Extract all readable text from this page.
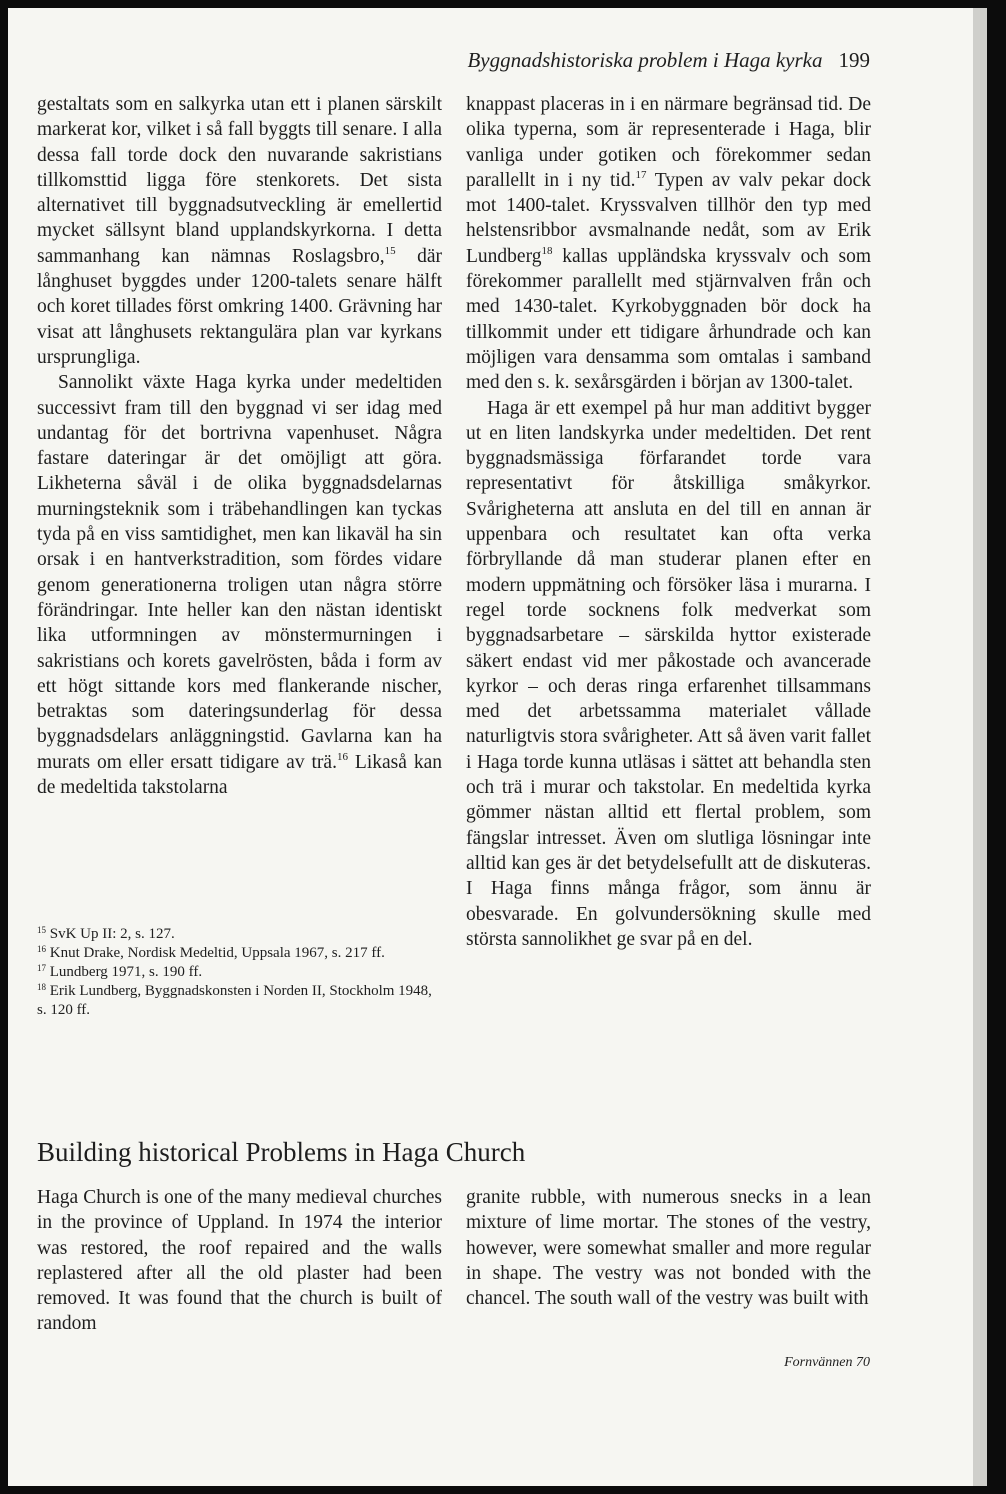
Byggnadshistoriska problem i Haga kyrka 199

gestaltats som en salkyrka utan ett i planen särskilt markerat kor, vilket i så fall byggts till senare. I alla dessa fall torde dock den nuvarande sakristians tillkomsttid ligga före stenkorets. Det sista alternativet till byggnadsutveckling är emellertid mycket sällsynt bland upplandskyrkorna. I detta sammanhang kan nämnas Roslagsbro,$^{15}$ där långhuset byggdes under 1200-talets senare hälft och koret tillades först omkring 1400. Grävning har visat att långhusets rektangulära plan var kyrkans ursprungliga.

Sannolikt växte Haga kyrka under medeltiden successivt fram till den byggnad vi ser idag med undantag för det bortrivna vapenhuset. Några fastare dateringar är det omöjligt att göra. Likheterna såväl i de olika byggnadsdelarnas murningsteknik som i träbehandlingen kan tyckas tyda på en viss samtidighet, men kan likaväl ha sin orsak i en hantverkstradition, som fördes vidare genom generationerna troligen utan några större förändringar. Inte heller kan den nästan identiskt lika utformningen av mönstermurningen i sakristians och korets gavelrösten, båda i form av ett högt sittande kors med flankerande nischer, betraktas som dateringsunderlag för dessa byggnadsdelars anläggningstid. Gavlarna kan ha murats om eller ersatt tidigare av trä.$^{16}$ Likaså kan de medeltida takstolarna

$^{15}$ SvK Up II: 2, s. 127.

$^{16}$ Knut Drake, Nordisk Medeltid, Uppsala 1967, s. 217 ff.

$^{17}$ Lundberg 1971, s. 190 ff.

$^{18}$ Erik Lundberg, Byggnadskonsten i Norden II, Stockholm 1948, s. 120 ff.

knappast placeras in i en närmare begränsad tid. De olika typerna, som är representerade i Haga, blir vanliga under gotiken och förekommer sedan parallellt in i ny tid.$^{17}$ Typen av valv pekar dock mot 1400-talet. Kryssvalven tillhör den typ med helstensribbor avsmalnande nedåt, som av Erik Lundberg$^{18}$ kallas uppländska kryssvalv och som förekommer parallellt med stjärnvalven från och med 1430-talet. Kyrkobyggnaden bör dock ha tillkommit under ett tidigare århundrade och kan möjligen vara densamma som omtalas i samband med den s. k. sexårsgärden i början av 1300-talet.

Haga är ett exempel på hur man additivt bygger ut en liten landskyrka under medeltiden. Det rent byggnadsmässiga förfarandet torde vara representativt för åtskilliga småkyrkor. Svårigheterna att ansluta en del till en annan är uppenbara och resultatet kan ofta verka förbryllande då man studerar planen efter en modern uppmätning och försöker läsa i murarna. I regel torde socknens folk medverkat som byggnadsarbetare – särskilda hyttor existerade säkert endast vid mer påkostade och avancerade kyrkor – och deras ringa erfarenhet tillsammans med det arbetssamma materialet vållade naturligtvis stora svårigheter. Att så även varit fallet i Haga torde kunna utläsas i sättet att behandla sten och trä i murar och takstolar. En medeltida kyrka gömmer nästan alltid ett flertal problem, som fängslar intresset. Även om slutliga lösningar inte alltid kan ges är det betydelsefullt att de diskuteras. I Haga finns många frågor, som ännu är obesvarade. En golvundersökning skulle med största sannolikhet ge svar på en del.

Building historical Problems in Haga Church

Haga Church is one of the many medieval churches in the province of Uppland. In 1974 the interior was restored, the roof repaired and the walls replastered after all the old plaster had been removed. It was found that the church is built of random

granite rubble, with numerous snecks in a lean mixture of lime mortar. The stones of the vestry, however, were somewhat smaller and more regular in shape. The vestry was not bonded with the chancel. The south wall of the vestry was built with

Fornvännen 70
